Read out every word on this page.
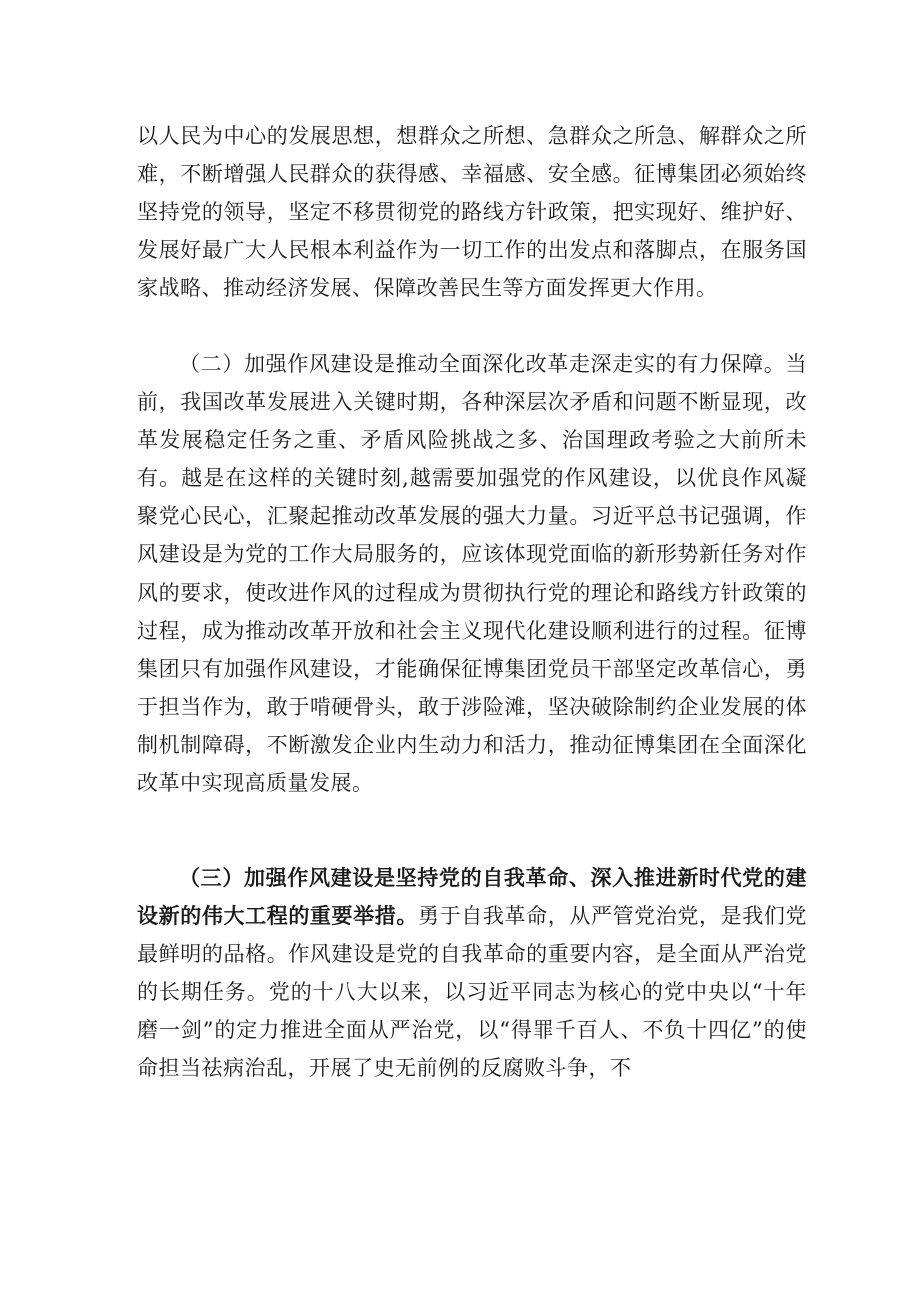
以人民为中心的发展思想，想群众之所想、急群众之所急、解群众之所难，不断增强人民群众的获得感、幸福感、安全感。征博集团必须始终坚持党的领导，坚定不移贯彻党的路线方针政策，把实现好、维护好、发展好最广大人民根本利益作为一切工作的出发点和落脚点，在服务国家战略、推动经济发展、保障改善民生等方面发挥更大作用。

（二）加强作风建设是推动全面深化改革走深走实的有力保障。当前，我国改革发展进入关键时期，各种深层次矛盾和问题不断显现，改革发展稳定任务之重、矛盾风险挑战之多、治国理政考验之大前所未有。越是在这样的关键时刻,越需要加强党的作风建设，以优良作风凝聚党心民心，汇聚起推动改革发展的强大力量。习近平总书记强调，作风建设是为党的工作大局服务的，应该体现党面临的新形势新任务对作风的要求，使改进作风的过程成为贯彻执行党的理论和路线方针政策的过程，成为推动改革开放和社会主义现代化建设顺利进行的过程。征博集团只有加强作风建设，才能确保征博集团党员干部坚定改革信心，勇于担当作为，敢于啃硬骨头，敢于涉险滩，坚决破除制约企业发展的体制机制障碍，不断激发企业内生动力和活力，推动征博集团在全面深化改革中实现高质量发展。

（三）加强作风建设是坚持党的自我革命、深入推进新时代党的建设新的伟大工程的重要举措。勇于自我革命，从严管党治党，是我们党最鲜明的品格。作风建设是党的自我革命的重要内容，是全面从严治党的长期任务。党的十八大以来，以习近平同志为核心的党中央以“十年磨一剑”的定力推进全面从严治党，以“得罪千百人、不负十四亿”的使命担当祛病治乱，开展了史无前例的反腐败斗争，不
